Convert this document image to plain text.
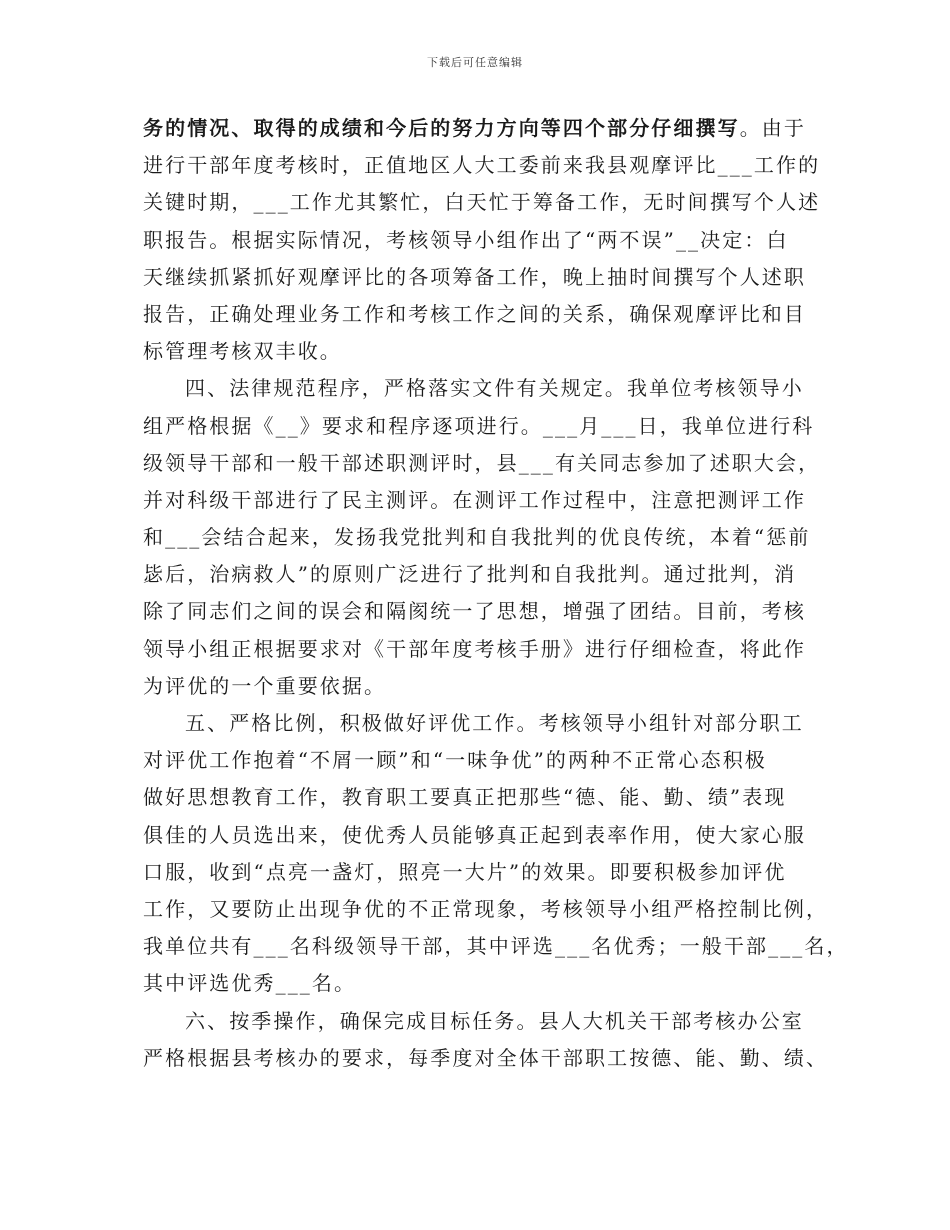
下载后可任意编辑
务的情况、取得的成绩和今后的努力方向等四个部分仔细撰写。由于
进行干部年度考核时，正值地区人大工委前来我县观摩评比___工作的
关键时期，___工作尤其繁忙，白天忙于筹备工作，无时间撰写个人述
职报告。根据实际情况，考核领导小组作出了“两不误”__决定：白
天继续抓紧抓好观摩评比的各项筹备工作，晚上抽时间撰写个人述职
报告，正确处理业务工作和考核工作之间的关系，确保观摩评比和目
标管理考核双丰收。
四、法律规范程序，严格落实文件有关规定。我单位考核领导小
组严格根据《__》要求和程序逐项进行。___月___日，我单位进行科
级领导干部和一般干部述职测评时，县___有关同志参加了述职大会，
并对科级干部进行了民主测评。在测评工作过程中，注意把测评工作
和___会结合起来，发扬我党批判和自我批判的优良传统，本着“惩前
毖后，治病救人”的原则广泛进行了批判和自我批判。通过批判，消
除了同志们之间的误会和隔阂统一了思想，增强了团结。目前，考核
领导小组正根据要求对《干部年度考核手册》进行仔细检查，将此作
为评优的一个重要依据。
五、严格比例，积极做好评优工作。考核领导小组针对部分职工
对评优工作抱着“不屑一顾”和“一味争优”的两种不正常心态积极
做好思想教育工作，教育职工要真正把那些“德、能、勤、绩”表现
俱佳的人员选出来，使优秀人员能够真正起到表率作用，使大家心服
口服，收到“点亮一盏灯，照亮一大片”的效果。即要积极参加评优
工作，又要防止出现争优的不正常现象，考核领导小组严格控制比例，
我单位共有___名科级领导干部，其中评选___名优秀；一般干部___名，
其中评选优秀___名。
六、按季操作，确保完成目标任务。县人大机关干部考核办公室
严格根据县考核办的要求，每季度对全体干部职工按德、能、勤、绩、
